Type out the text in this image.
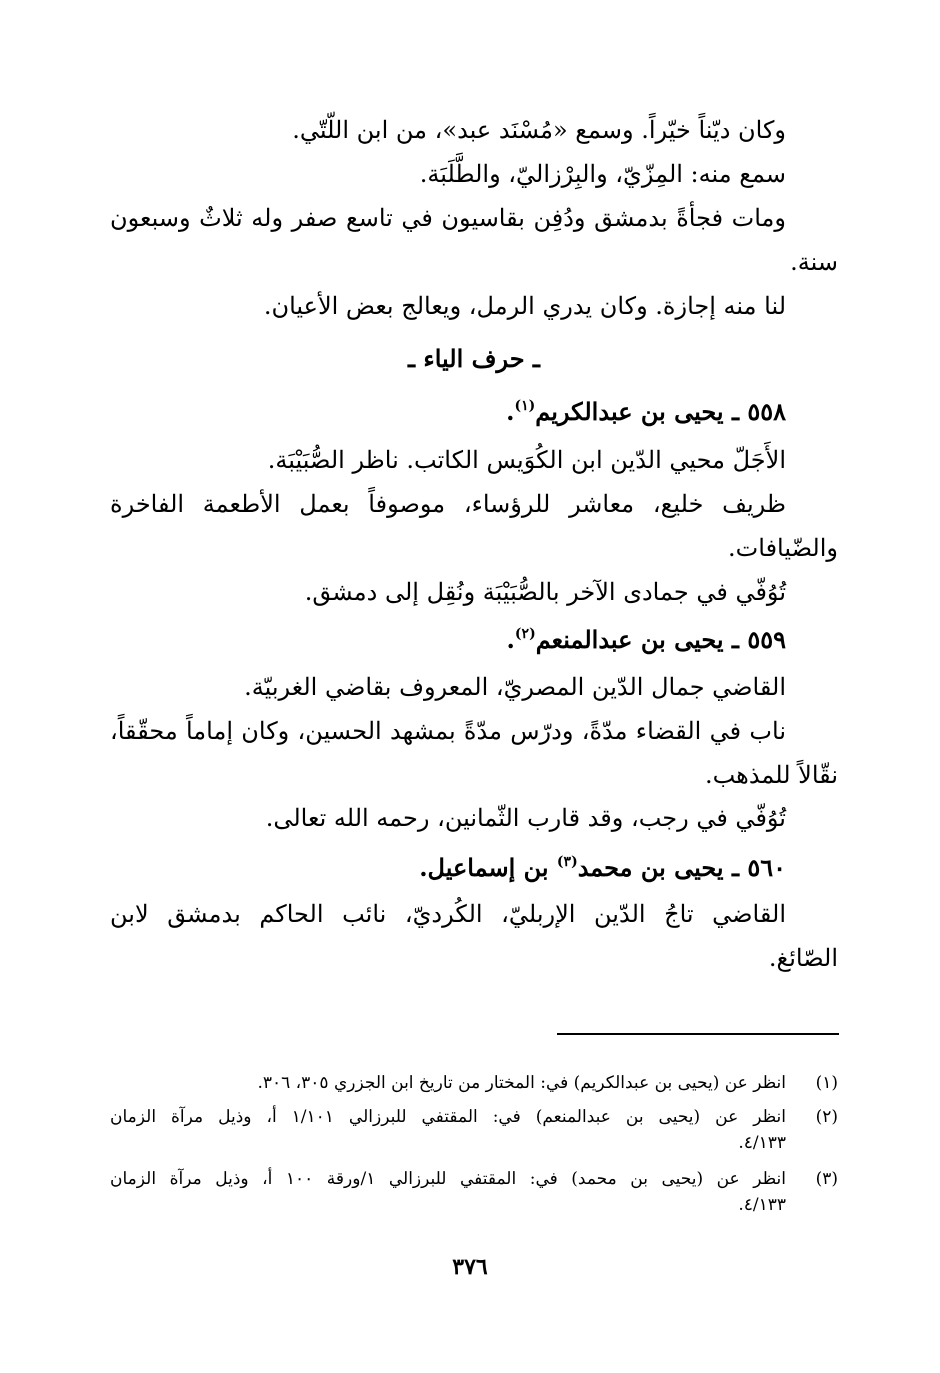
وكان ديّناً خيّراً. وسمع «مُسْنَد عبد»، من ابن اللّتّي.
سمع منه: المِزّيّ، والبِرْزاليّ، والطَّلَبَة.
ومات فجأةً بدمشق ودُفِن بقاسيون في تاسع صفر وله ثلاثٌ وسبعون
سنة.
لنا منه إجازة. وكان يدري الرمل، ويعالج بعض الأعيان.
ـ حرف الياء ـ
٥٥٨ ـ يحيى بن عبدالكريم$^{(١)}$.
الأَجَلّ محيي الدّين ابن الكُوَيس الكاتب. ناظر الصُّبَيْبَة.
ظريف خليع، معاشر للرؤساء، موصوفاً بعمل الأطعمة الفاخرة
والضّيافات.
تُوُفّي في جمادى الآخر بالصُّبَيْبَة ونُقِل إلى دمشق.
٥٥٩ ـ يحيى بن عبدالمنعم$^{(٢)}$.
القاضي جمال الدّين المصريّ، المعروف بقاضي الغربيّة.
ناب في القضاء مدّةً، ودرّس مدّةً بمشهد الحسين، وكان إماماً محقّقاً،
نقّالاً للمذهب.
تُوُفّي في رجب، وقد قارب الثّمانين، رحمه الله تعالى.
٥٦٠ ـ يحيى بن محمد$^{(٣)}$ بن إسماعيل.
القاضي تاجُ الدّين الإربليّ، الكُرديّ، نائب الحاكم بدمشق لابن
الصّائغ.
(١)
انظر عن (يحيى بن عبدالكريم) في: المختار من تاريخ ابن الجزري ٣٠٥، ٣٠٦.
(٢)
انظر عن (يحيى بن عبدالمنعم) في: المقتفي للبرزالي ١/١٠١ أ، وذيل مرآة الزمان
٤/١٣٣.
(٣)
انظر عن (يحيى بن محمد) في: المقتفي للبرزالي ١/ورقة ١٠٠ أ، وذيل مرآة الزمان
٤/١٣٣.
٣٧٦
